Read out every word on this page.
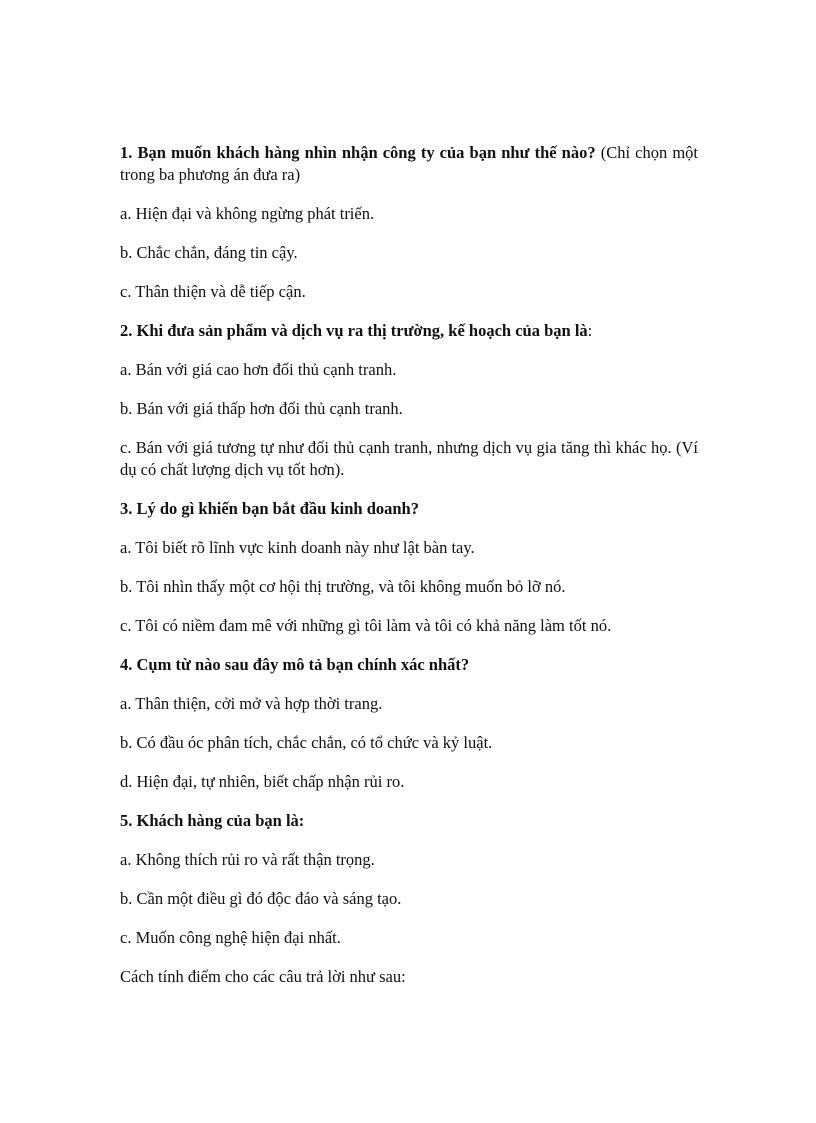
1. Bạn muốn khách hàng nhìn nhận công ty của bạn như thế nào? (Chỉ chọn một trong ba phương án đưa ra)

a. Hiện đại và không ngừng phát triển.

b. Chắc chắn, đáng tin cậy.

c. Thân thiện và dễ tiếp cận.

2. Khi đưa sản phẩm và dịch vụ ra thị trường, kế hoạch của bạn là:

a. Bán với giá cao hơn đối thủ cạnh tranh.

b. Bán với giá thấp hơn đối thủ cạnh tranh.

c. Bán với giá tương tự như đối thủ cạnh tranh, nhưng dịch vụ gia tăng thì khác họ. (Ví dụ có chất lượng dịch vụ tốt hơn).

3. Lý do gì khiến bạn bắt đầu kinh doanh?

a. Tôi biết rõ lĩnh vực kinh doanh này như lật bàn tay.

b. Tôi nhìn thấy một cơ hội thị trường, và tôi không muốn bỏ lỡ nó.

c. Tôi có niềm đam mê với những gì tôi làm và tôi có khả năng làm tốt nó.

4. Cụm từ nào sau đây mô tả bạn chính xác nhất?

a. Thân thiện, cởi mở và hợp thời trang.

b. Có đầu óc phân tích, chắc chắn, có tổ chức và kỷ luật.

d. Hiện đại, tự nhiên, biết chấp nhận rủi ro.

5. Khách hàng của bạn là:

a. Không thích rủi ro và rất thận trọng.

b. Cần một điều gì đó độc đáo và sáng tạo.

c. Muốn công nghệ hiện đại nhất.

Cách tính điểm cho các câu trả lời như sau:
